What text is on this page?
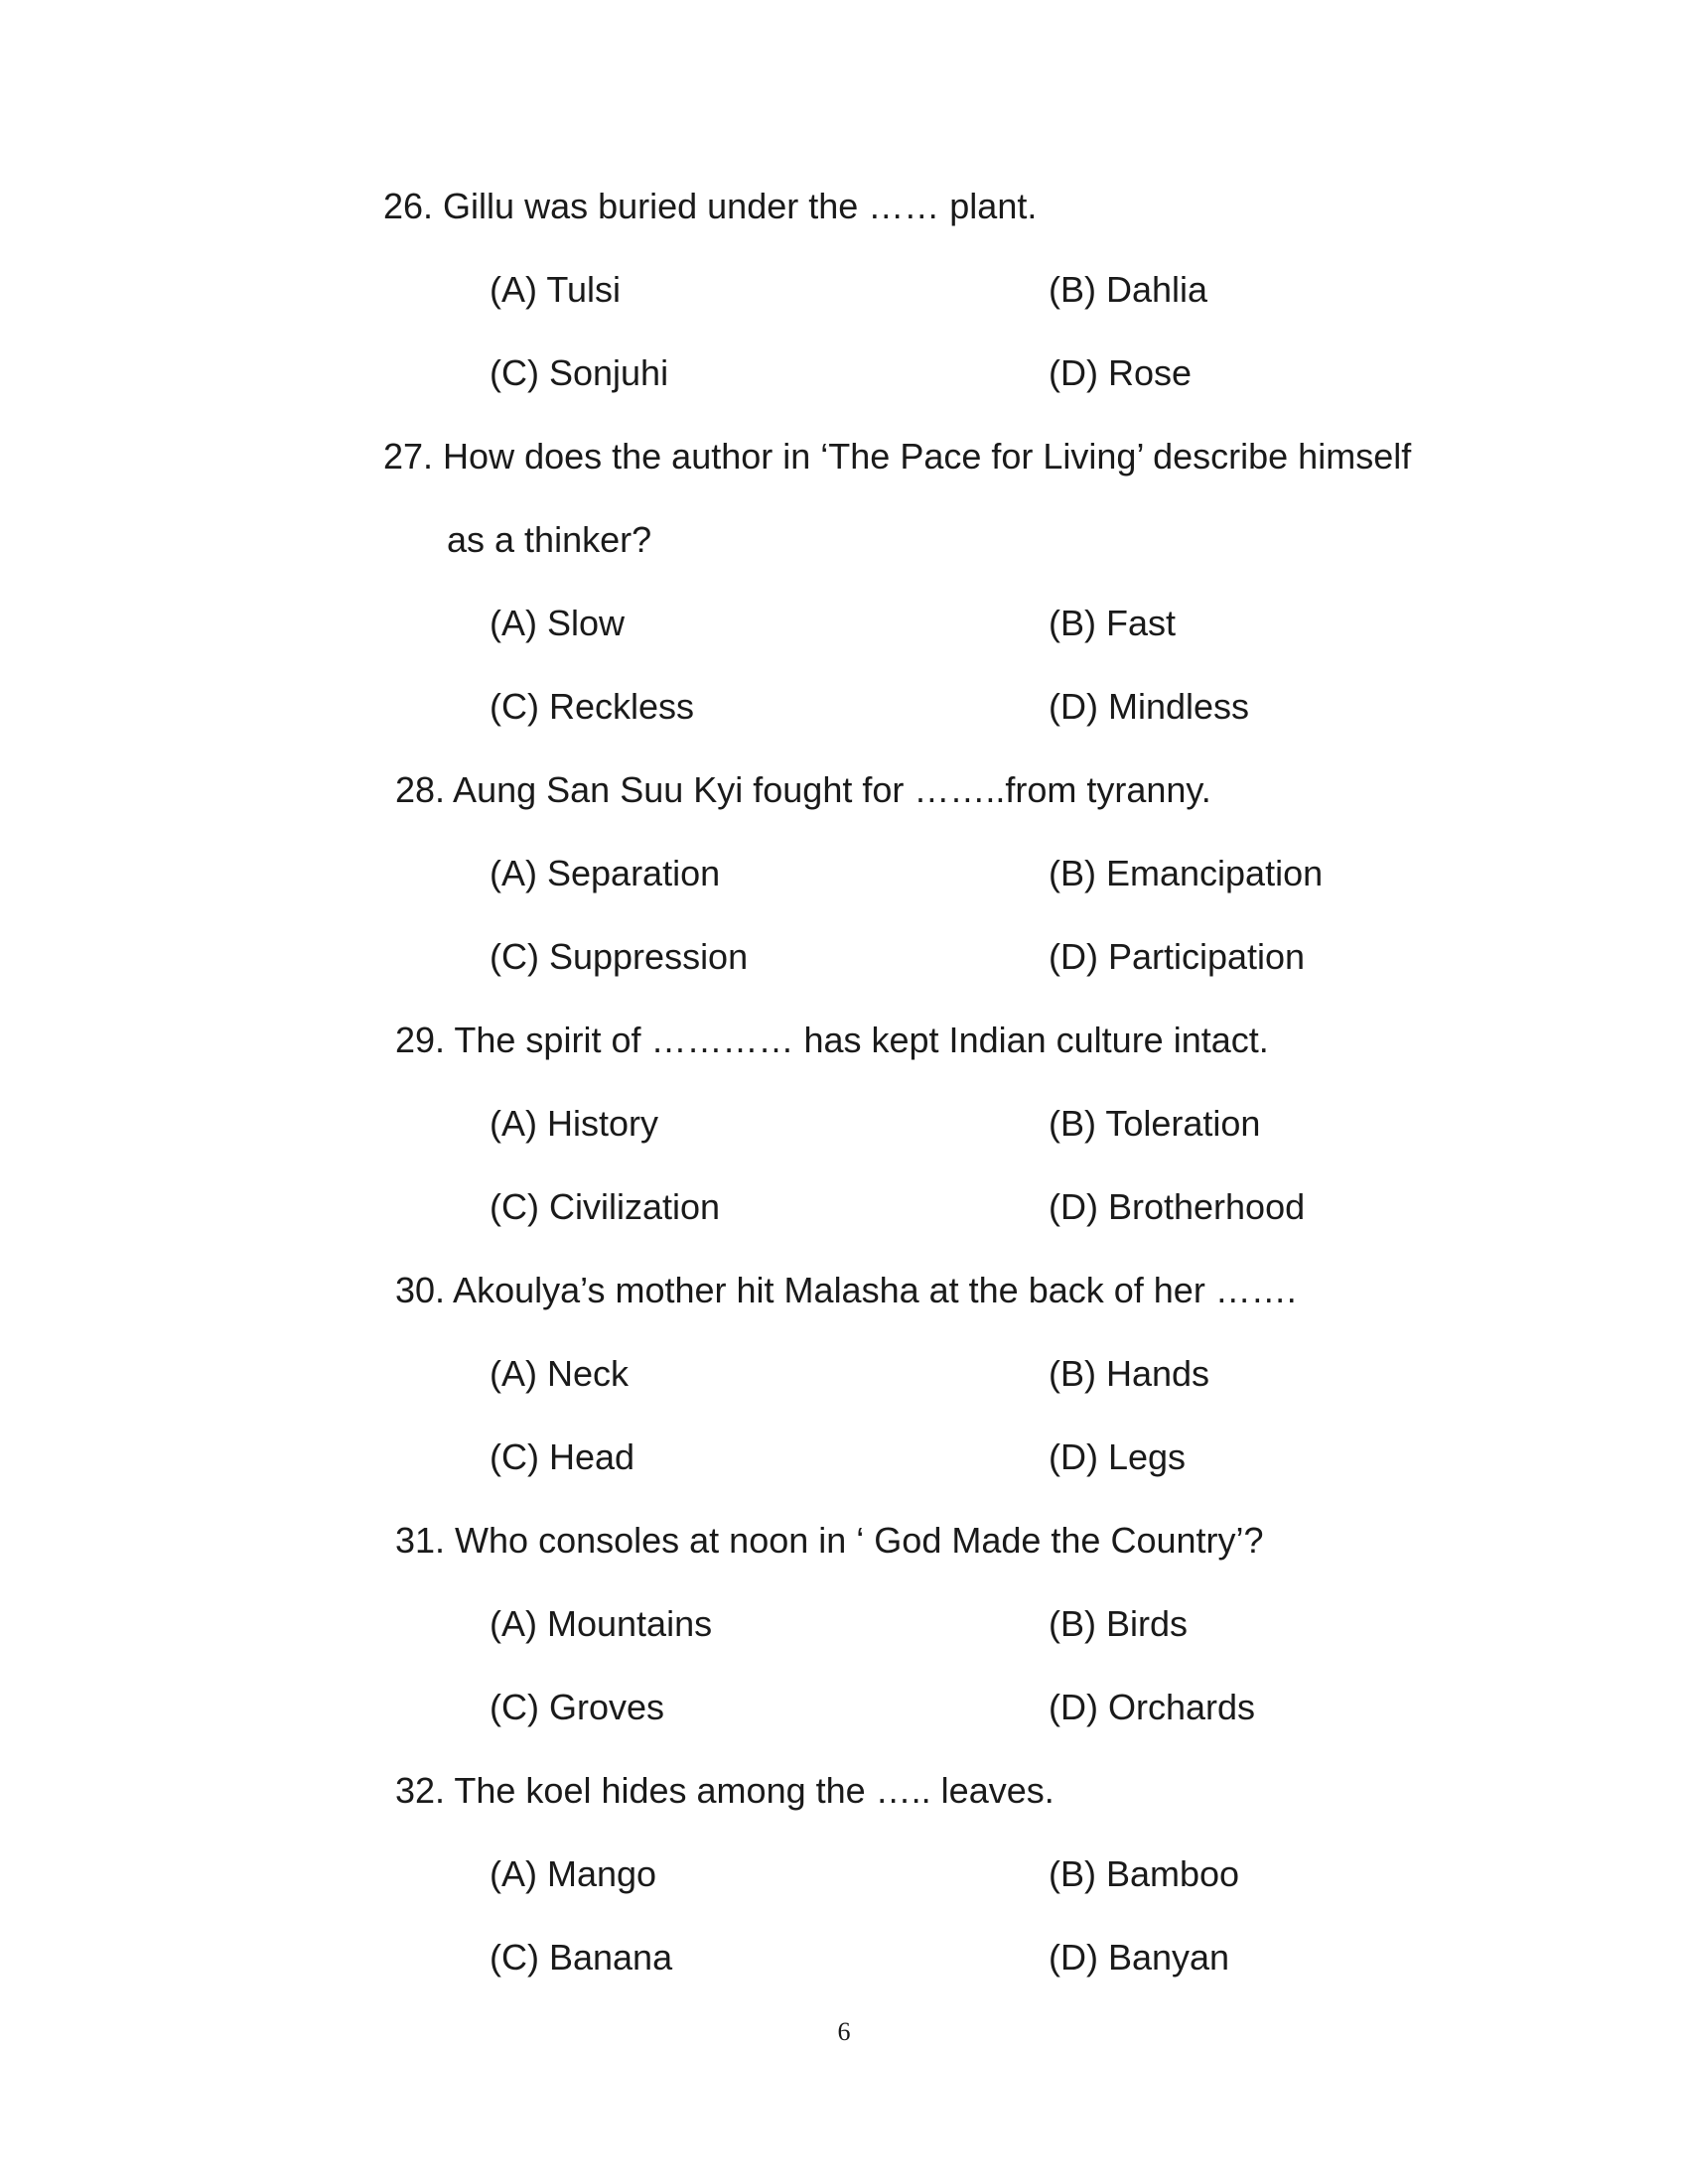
26. Gillu was buried under the …… plant.
(A) Tulsi	(B) Dahlia
(C) Sonjuhi	(D) Rose
27. How does the author in ‘The Pace for Living’ describe himself
as a thinker?
(A) Slow	(B) Fast
(C) Reckless	(D) Mindless
28. Aung San Suu Kyi fought for ……..from tyranny.
(A) Separation	(B) Emancipation
(C) Suppression	(D) Participation
29. The spirit of ………… has kept Indian culture intact.
(A) History	(B) Toleration
(C) Civilization	(D) Brotherhood
30. Akoulya’s mother hit Malasha at the back of her …….
(A) Neck	(B) Hands
(C) Head	(D) Legs
31. Who consoles at noon in ‘ God Made the Country’?
(A) Mountains	(B) Birds
(C) Groves	(D) Orchards
32. The koel hides among the ….. leaves.
(A) Mango	(B) Bamboo
(C) Banana	(D) Banyan
6
